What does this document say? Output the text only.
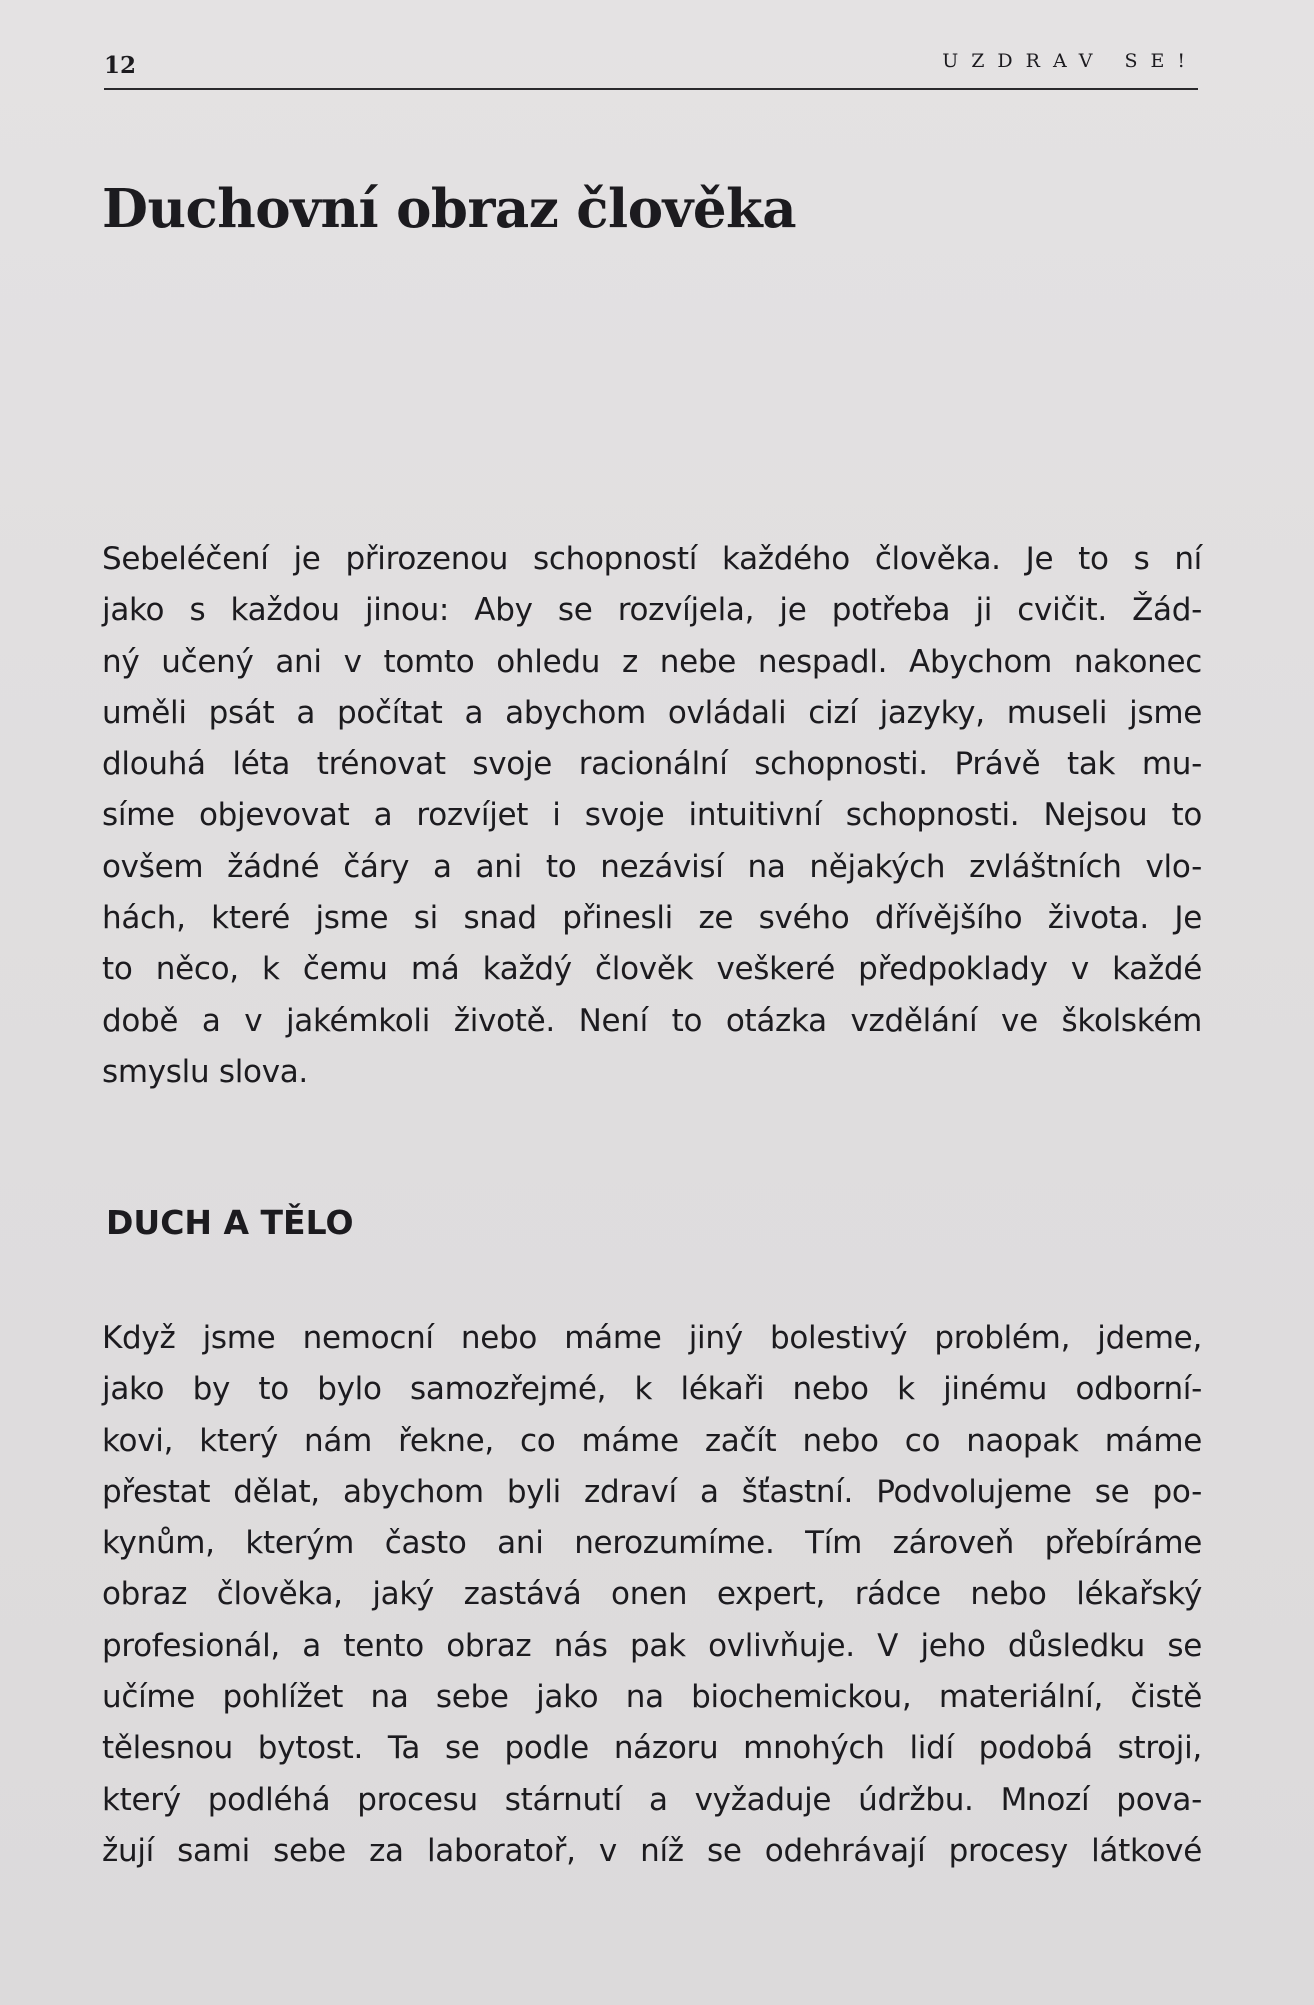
12	UZDRAV SE!
Duchovní obraz člověka
Sebeléčení je přirozenou schopností každého člověka. Je to s ní
jako s každou jinou: Aby se rozvíjela, je potřeba ji cvičit. Žád-
ný učený ani v tomto ohledu z nebe nespadl. Abychom nakonec
uměli psát a počítat a abychom ovládali cizí jazyky, museli jsme
dlouhá léta trénovat svoje racionální schopnosti. Právě tak mu-
síme objevovat a rozvíjet i svoje intuitivní schopnosti. Nejsou to
ovšem žádné čáry a ani to nezávisí na nějakých zvláštních vlo-
hách, které jsme si snad přinesli ze svého dřívějšího života. Je
to něco, k čemu má každý člověk veškeré předpoklady v každé
době a v jakémkoli životě. Není to otázka vzdělání ve školském
smyslu slova.
DUCH A TĚLO
Když jsme nemocní nebo máme jiný bolestivý problém, jdeme,
jako by to bylo samozřejmé, k lékaři nebo k jinému odborní-
kovi, který nám řekne, co máme začít nebo co naopak máme
přestat dělat, abychom byli zdraví a šťastní. Podvolujeme se po-
kynům, kterým často ani nerozumíme. Tím zároveň přebíráme
obraz člověka, jaký zastává onen expert, rádce nebo lékařský
profesionál, a tento obraz nás pak ovlivňuje. V jeho důsledku se
učíme pohlížet na sebe jako na biochemickou, materiální, čistě
tělesnou bytost. Ta se podle názoru mnohých lidí podobá stroji,
který podléhá procesu stárnutí a vyžaduje údržbu. Mnozí pova-
žují sami sebe za laboratoř, v níž se odehrávají procesy látkové
